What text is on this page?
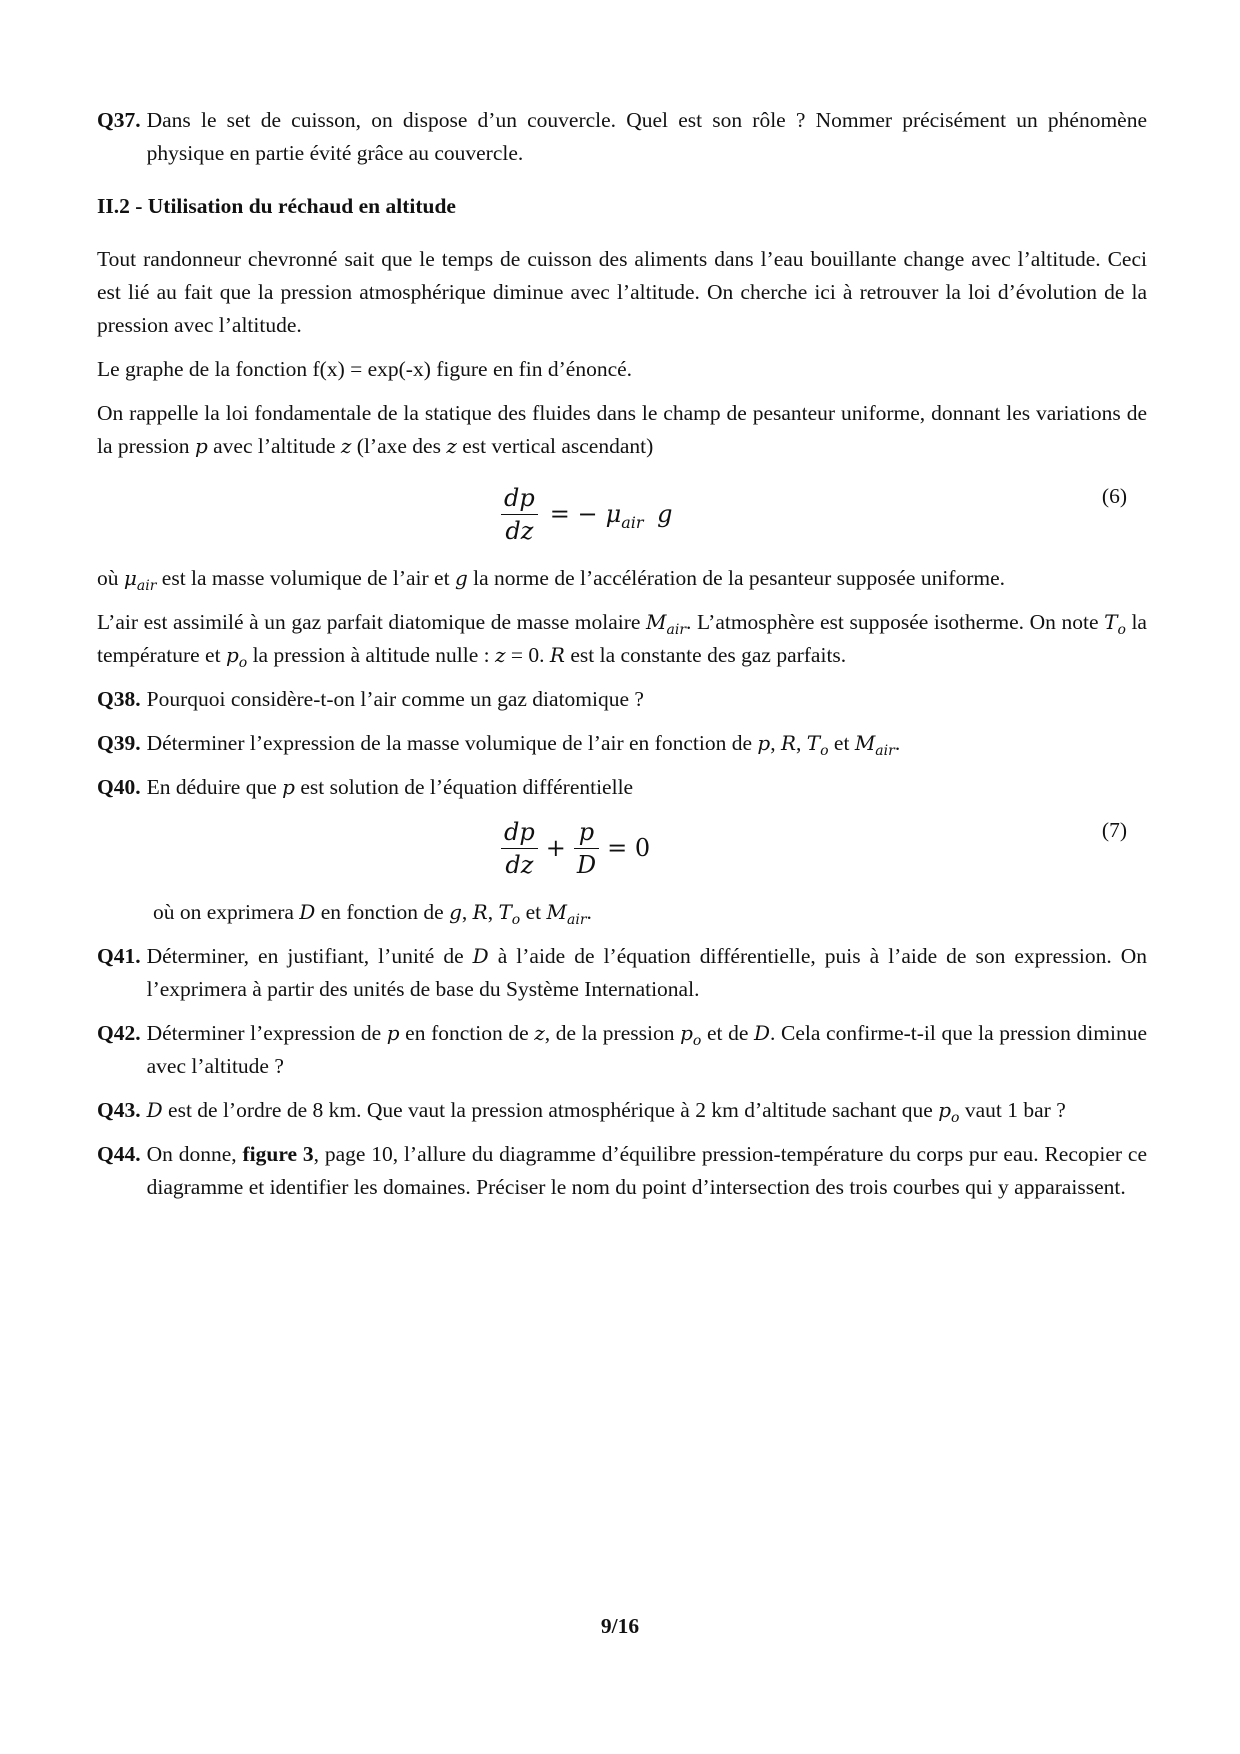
Q37. Dans le set de cuisson, on dispose d’un couvercle. Quel est son rôle ? Nommer précisément un phénomène physique en partie évité grâce au couvercle.
II.2 - Utilisation du réchaud en altitude

Tout randonneur chevronné sait que le temps de cuisson des aliments dans l’eau bouillante change avec l’altitude. Ceci est lié au fait que la pression atmosphérique diminue avec l’altitude. On cherche ici à retrouver la loi d’évolution de la pression avec l’altitude.

Le graphe de la fonction f(x) = exp(-x) figure en fin d’énoncé.

On rappelle la loi fondamentale de la statique des fluides dans le champ de pesanteur uniforme, donnant les variations de la pression p avec l’altitude z (l’axe des z est vertical ascendant)

$\frac{dp}{dz}$ = − $\mu_{air}$ g
(6)

où $\mu_{air}$ est la masse volumique de l’air et g la norme de l’accélération de la pesanteur supposée uniforme.

L’air est assimilé à un gaz parfait diatomique de masse molaire $M_{air}$. L’atmosphère est supposée isotherme. On note $T_o$ la température et $p_o$ la pression à altitude nulle : z = 0. R est la constante des gaz parfaits.

Q38. Pourquoi considère-t-on l’air comme un gaz diatomique ?
Q39. Déterminer l’expression de la masse volumique de l’air en fonction de p, R, $T_o$ et $M_{air}$.
Q40. En déduire que p est solution de l’équation différentielle
$\frac{dp}{dz} + \frac{p}{D} = 0$
(7)

où on exprimera D en fonction de g, R, $T_o$ et $M_{air}$.

Q41. Déterminer, en justifiant, l’unité de D à l’aide de l’équation différentielle, puis à l’aide de son expression. On l’exprimera à partir des unités de base du Système International.
Q42. Déterminer l’expression de p en fonction de z, de la pression $p_o$ et de D. Cela confirme-t-il que la pression diminue avec l’altitude ?
Q43. D est de l’ordre de 8 km. Que vaut la pression atmosphérique à 2 km d’altitude sachant que $p_o$ vaut 1 bar ?
Q44. On donne, figure 3, page 10, l’allure du diagramme d’équilibre pression-température du corps pur eau. Recopier ce diagramme et identifier les domaines. Préciser le nom du point d’intersection des trois courbes qui y apparaissent.
9/16
